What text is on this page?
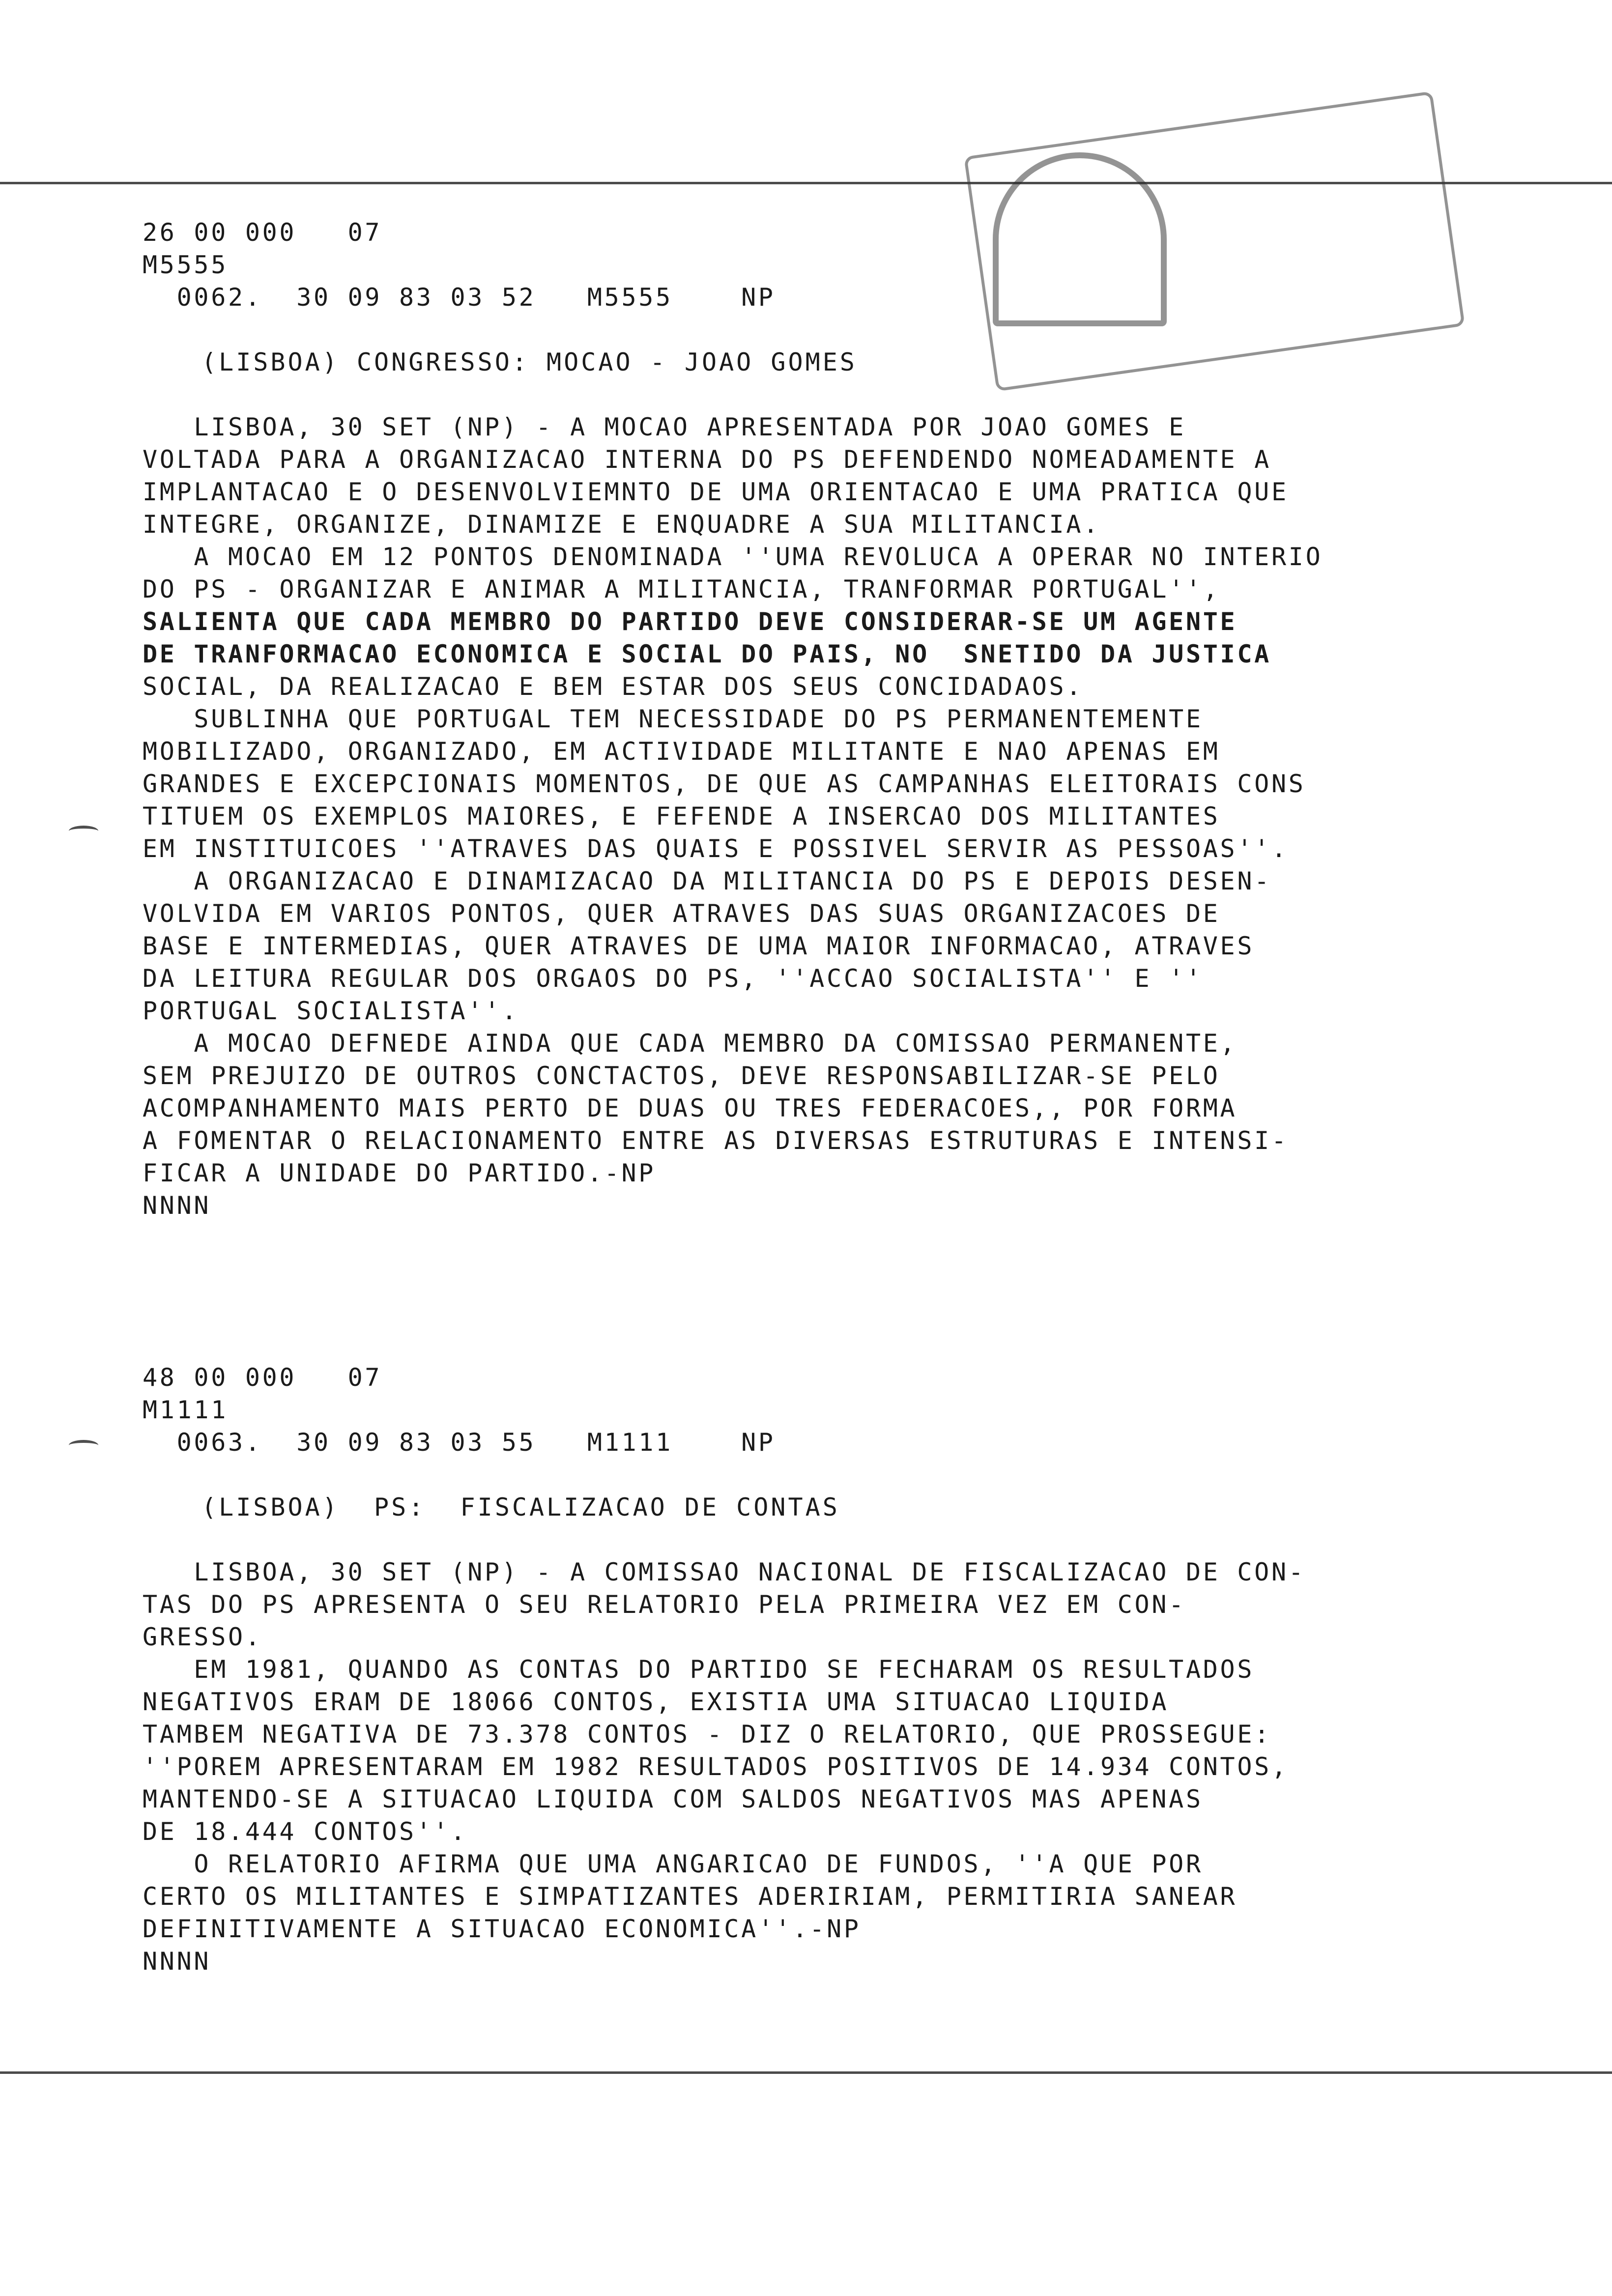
26 00 000   07
M5555
0062.  30 09 83 03 52   M5555    NP
(LISBOA) CONGRESSO: MOCAO - JOAO GOMES
LISBOA, 30 SET (NP) - A MOCAO APRESENTADA POR JOAO GOMES E
VOLTADA PARA A ORGANIZACAO INTERNA DO PS DEFENDENDO NOMEADAMENTE A
IMPLANTACAO E O DESENVOLVIEMNTO DE UMA ORIENTACAO E UMA PRATICA QUE
INTEGRE, ORGANIZE, DINAMIZE E ENQUADRE A SUA MILITANCIA.
A MOCAO EM 12 PONTOS DENOMINADA ''UMA REVOLUCA A OPERAR NO INTERIO
DO PS - ORGANIZAR E ANIMAR A MILITANCIA, TRANFORMAR PORTUGAL'',
SALIENTA QUE CADA MEMBRO DO PARTIDO DEVE CONSIDERAR-SE UM AGENTE
DE TRANFORMACAO ECONOMICA E SOCIAL DO PAIS, NO  SNETIDO DA JUSTICA
SOCIAL, DA REALIZACAO E BEM ESTAR DOS SEUS CONCIDADAOS.
SUBLINHA QUE PORTUGAL TEM NECESSIDADE DO PS PERMANENTEMENTE
MOBILIZADO, ORGANIZADO, EM ACTIVIDADE MILITANTE E NAO APENAS EM
GRANDES E EXCEPCIONAIS MOMENTOS, DE QUE AS CAMPANHAS ELEITORAIS CONS
TITUEM OS EXEMPLOS MAIORES, E FEFENDE A INSERCAO DOS MILITANTES
EM INSTITUICOES ''ATRAVES DAS QUAIS E POSSIVEL SERVIR AS PESSOAS''.
A ORGANIZACAO E DINAMIZACAO DA MILITANCIA DO PS E DEPOIS DESEN-
VOLVIDA EM VARIOS PONTOS, QUER ATRAVES DAS SUAS ORGANIZACOES DE
BASE E INTERMEDIAS, QUER ATRAVES DE UMA MAIOR INFORMACAO, ATRAVES
DA LEITURA REGULAR DOS ORGAOS DO PS, ''ACCAO SOCIALISTA'' E ''
PORTUGAL SOCIALISTA''.
A MOCAO DEFNEDE AINDA QUE CADA MEMBRO DA COMISSAO PERMANENTE,
SEM PREJUIZO DE OUTROS CONCTACTOS, DEVE RESPONSABILIZAR-SE PELO
ACOMPANHAMENTO MAIS PERTO DE DUAS OU TRES FEDERACOES,, POR FORMA
A FOMENTAR O RELACIONAMENTO ENTRE AS DIVERSAS ESTRUTURAS E INTENSI-
FICAR A UNIDADE DO PARTIDO.-NP
NNNN
48 00 000   07
M1111
0063.  30 09 83 03 55   M1111    NP
(LISBOA)  PS:  FISCALIZACAO DE CONTAS
LISBOA, 30 SET (NP) - A COMISSAO NACIONAL DE FISCALIZACAO DE CON-
TAS DO PS APRESENTA O SEU RELATORIO PELA PRIMEIRA VEZ EM CON-
GRESSO.
EM 1981, QUANDO AS CONTAS DO PARTIDO SE FECHARAM OS RESULTADOS
NEGATIVOS ERAM DE 18066 CONTOS, EXISTIA UMA SITUACAO LIQUIDA
TAMBEM NEGATIVA DE 73.378 CONTOS - DIZ O RELATORIO, QUE PROSSEGUE:
''POREM APRESENTARAM EM 1982 RESULTADOS POSITIVOS DE 14.934 CONTOS,
MANTENDO-SE A SITUACAO LIQUIDA COM SALDOS NEGATIVOS MAS APENAS
DE 18.444 CONTOS''.
O RELATORIO AFIRMA QUE UMA ANGARICAO DE FUNDOS, ''A QUE POR
CERTO OS MILITANTES E SIMPATIZANTES ADERIRIAM, PERMITIRIA SANEAR
DEFINITIVAMENTE A SITUACAO ECONOMICA''.-NP
NNNN
